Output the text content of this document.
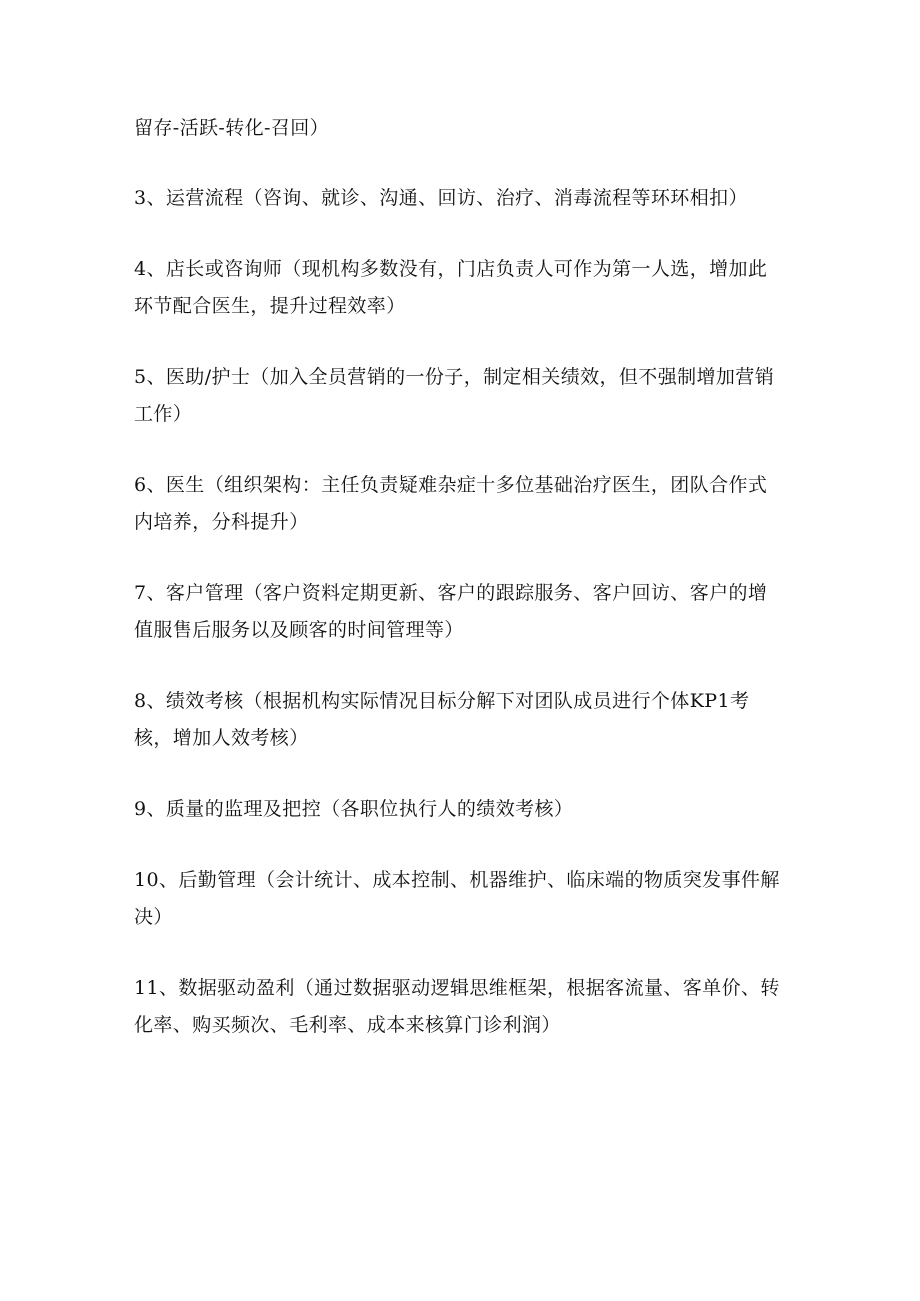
留存-活跃-转化-召回）

3、运营流程（咨询、就诊、沟通、回访、治疗、消毒流程等环环相扣）

4、店长或咨询师（现机构多数没有，门店负责人可作为第一人选，增加此环节配合医生，提升过程效率）

5、医助/护士（加入全员营销的一份子，制定相关绩效，但不强制增加营销工作）

6、医生（组织架构：主任负责疑难杂症十多位基础治疗医生，团队合作式内培养，分科提升）

7、客户管理（客户资料定期更新、客户的跟踪服务、客户回访、客户的增值服售后服务以及顾客的时间管理等）

8、绩效考核（根据机构实际情况目标分解下对团队成员进行个体KP1考核，增加人效考核）

9、质量的监理及把控（各职位执行人的绩效考核）

10、后勤管理（会计统计、成本控制、机器维护、临床端的物质突发事件解决）

11、数据驱动盈利（通过数据驱动逻辑思维框架，根据客流量、客单价、转化率、购买频次、毛利率、成本来核算门诊利润）
